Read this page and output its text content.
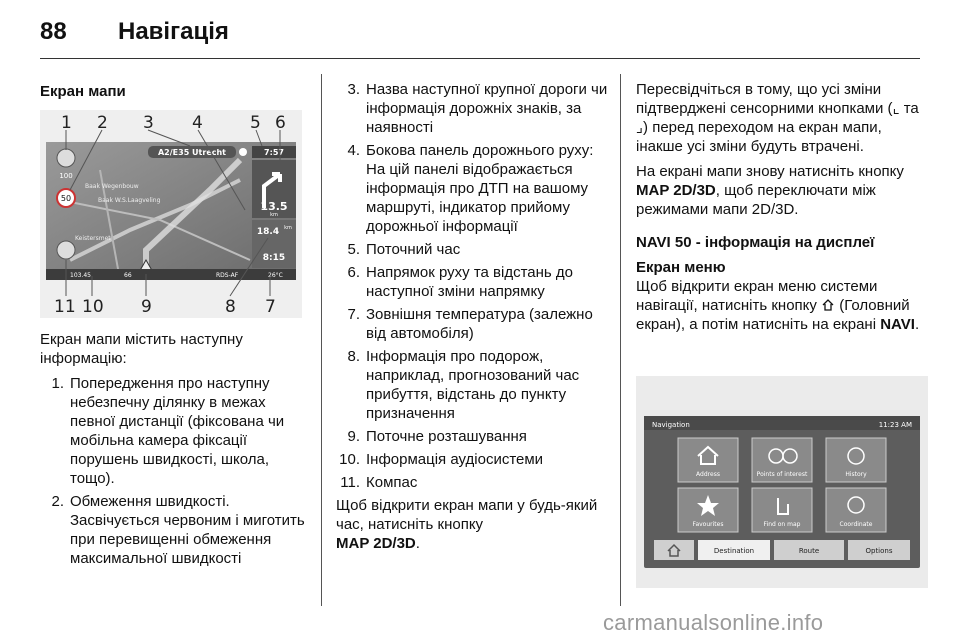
88 Навігація
Екран мапи
100
50
Baak Wegenbouw
Baak W.S.Laagveling
Keistersmet
A2/E35 Utrecht	7:57
13.5
km
18.4 km
8:15
103.45	66	RDS-AF	26°C
1 2 3 4	5 6
11 10 9	8 7
Екран мапи містить наступну інформацію:
1. Попередження про наступну небезпечну ділянку в межах певної дистанції (фіксована чи мобільна камера фіксації порушень швидкості, школа, тощо).
2. Обмеження швидкості. Засвічується червоним і миготить при перевищенні обмеження максимальної швидкості
3. Назва наступної крупної дороги чи інформація дорожніх знаків, за наявності
4. Бокова панель дорожнього руху: На цій панелі відображається інформація про ДТП на вашому маршруті, індикатор прийому дорожньої інформації
5. Поточний час
6. Напрямок руху та відстань до наступної зміни напрямку
7. Зовнішня температура (залежно від автомобіля)
8. Інформація про подорож, наприклад, прогнозований час прибуття, відстань до пункту призначення
9. Поточне розташування
10. Інформація аудіосистеми
11. Компас
Щоб відкрити екран мапи у будь-який час, натисніть кнопку
MAP 2D/3D.
Пересвідчіться в тому, що усі зміни підтверджені сенсорними кнопками (⌞ та ⌟) перед переходом на екран мапи, інакше усі зміни будуть втрачені.
На екрані мапи знову натисніть кнопку MAP 2D/3D, щоб переключати між режимами мапи 2D/3D.
NAVI 50 - інформація на дисплеї
Екран меню
Щоб відкрити екран меню системи навігації, натисніть кнопку  (Головний екран), а потім натисніть на екрані NAVI.
Navigation	11:23 AM
Address	Points of interest	History
Favourites	Find on map	Coordinate
Destination	Route	Options
carmanualsonline.info
